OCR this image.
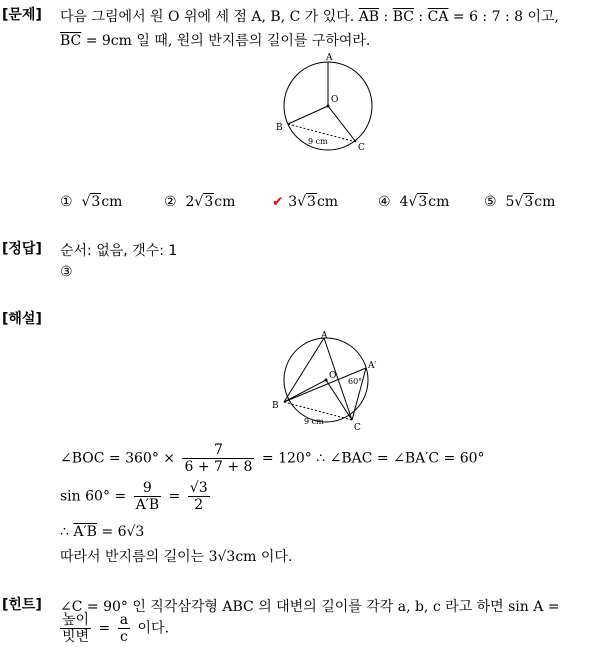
[문제] 다음 그림에서 원 O 위에 세 점 A, B, C 가 있다. $\overline{AB}$ : $\overline{BC}$ : $\overline{CA} = 6$ : 7 : 8 이고,
$\overline{BC} = 9cm$ 일 때, 원의 반지름의 길이를 구하여라.
A
O
B
C
9 cm
① √3cm	② 2√3cm	✔ 3√3cm	④ 4√3cm ⑤ 5√3cm
[정답] 순서: 없음, 갯수: 1
③
[해설]
A
A′
O
B
C
60°
9 cm
∠BOC = $360^\circ \times \frac{7}{6 + 7 + 8} = 120^\circ$ ∴ ∠BAC = ∠BA′C = 60°
$\sin 60^\circ = \frac{9}{A'B} = \frac{√3}{2}$
∴ A′B = 6√3
따라서 반지름의 길이는 3√3cm 이다.
[힌트] ∠C = 90° 인 직각삼각형 ABC 의 대변의 길이를 각각 a, b, c 라고 하면 sin A =
$\frac{\text{높이}}{\text{빗변}} = \frac{a}{c}$ 이다.
